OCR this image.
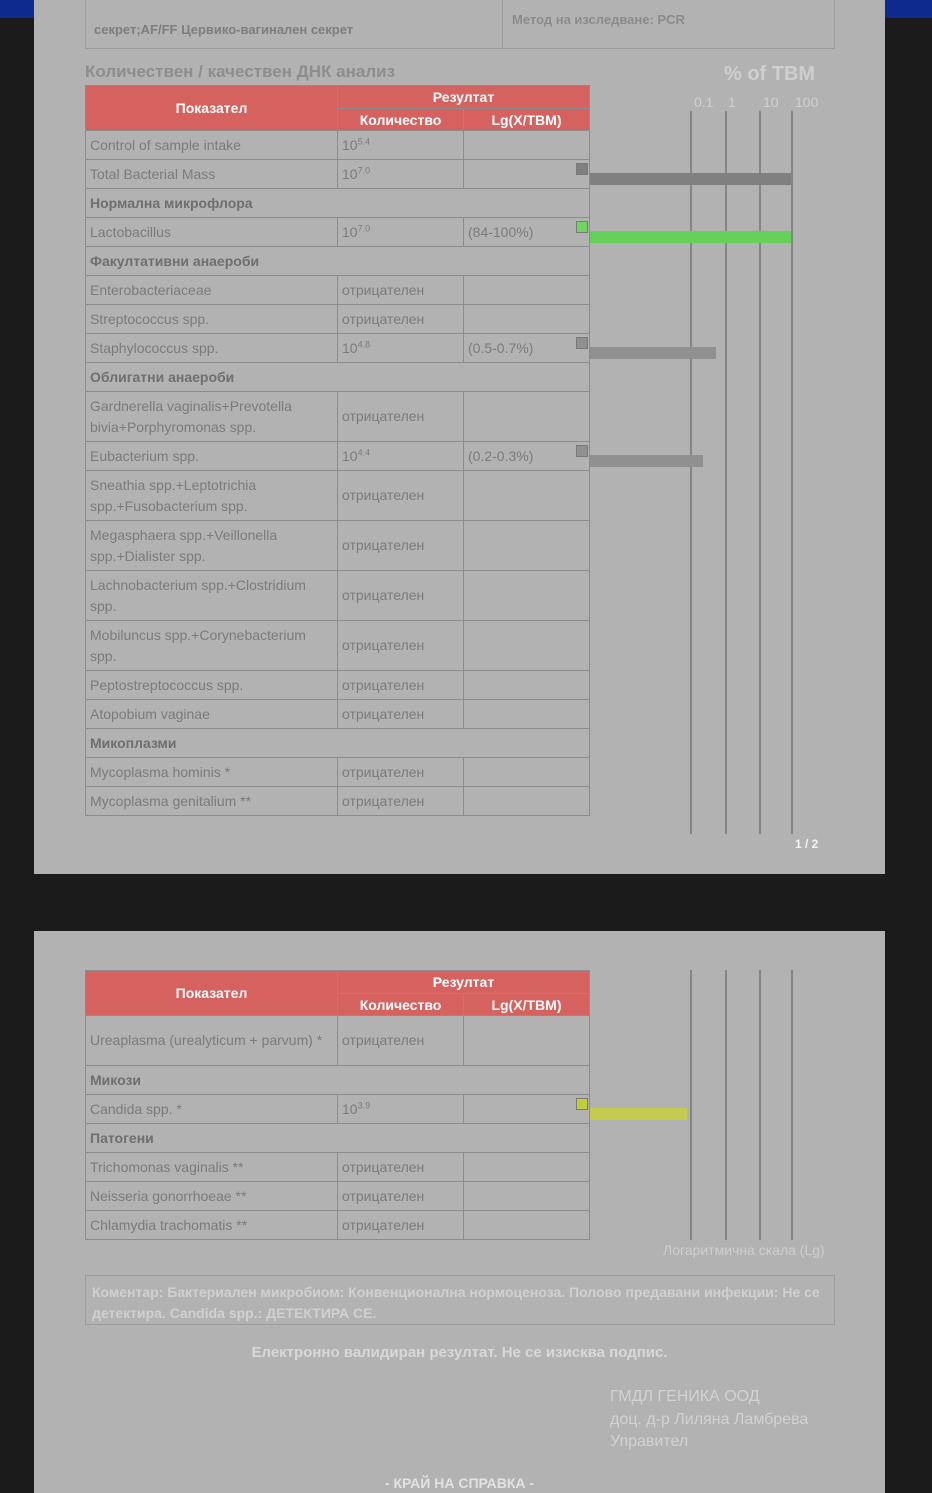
секрет;AF/FF Цервико-вагинален секрет
Метод на изследване: PCR
Количествен / качествен ДНК анализ	% of TBM
0.1 1 10 100
Показател	Резултат	
	Количество	Lg(X/TBM)
Control of sample intake	$10^{5.4}$	
Total Bacterial Mass	$10^{7.0}$	

Нормална микрофлора		
Lactobacillus	$10^{7.0}$	(84-100%)

Факултативни анаероби		
Enterobacteriaceae	отрицателен	
Streptococcus spp.	отрицателен	
Staphylococcus spp.	$10^{4.8}$	(0.5-0.7%)

Облигатни анаероби		
Gardnerella vaginalis+Prevotella bivia+Porphyromonas spp.	отрицателен	
Eubacterium spp.	$10^{4.4}$	(0.2-0.3%)

Sneathia spp.+Leptotrichia spp.+Fusobacterium spp.	отрицателен	
Megasphaera spp.+Veillonella spp.+Dialister spp.	отрицателен	
Lachnobacterium spp.+Clostridium spp.	отрицателен	
Mobiluncus spp.+Corynebacterium spp.	отрицателен	
Peptostreptococcus spp.	отрицателен	
Atopobium vaginae	отрицателен	
Микоплазми		
Mycoplasma hominis *	отрицателен	
Mycoplasma genitalium **	отрицателен	
1 / 2
Показател	Резултат	
	Количество	Lg(X/TBM)
Ureaplasma (urealyticum + parvum) *	отрицателен	
Микози		
Candida spp. *	$10^{3.9}$	

Патогени		
Trichomonas vaginalis **	отрицателен	
Neisseria gonorrhoeae **	отрицателен	
Chlamydia trachomatis **	отрицателен	
Логаритмична скала (Lg)
Коментар: Бактериален микробиом: Конвенционална нормоценоза. Полово предавани инфекции: Не се детектира. Candida spp.: ДЕТЕКТИРА СЕ.
Електронно валидиран резултат. Не се изисква подпис.
ГМДЛ ГЕНИКА ООД
доц. д-р Лиляна Ламбрева
Управител
- КРАЙ НА СПРАВКА -
